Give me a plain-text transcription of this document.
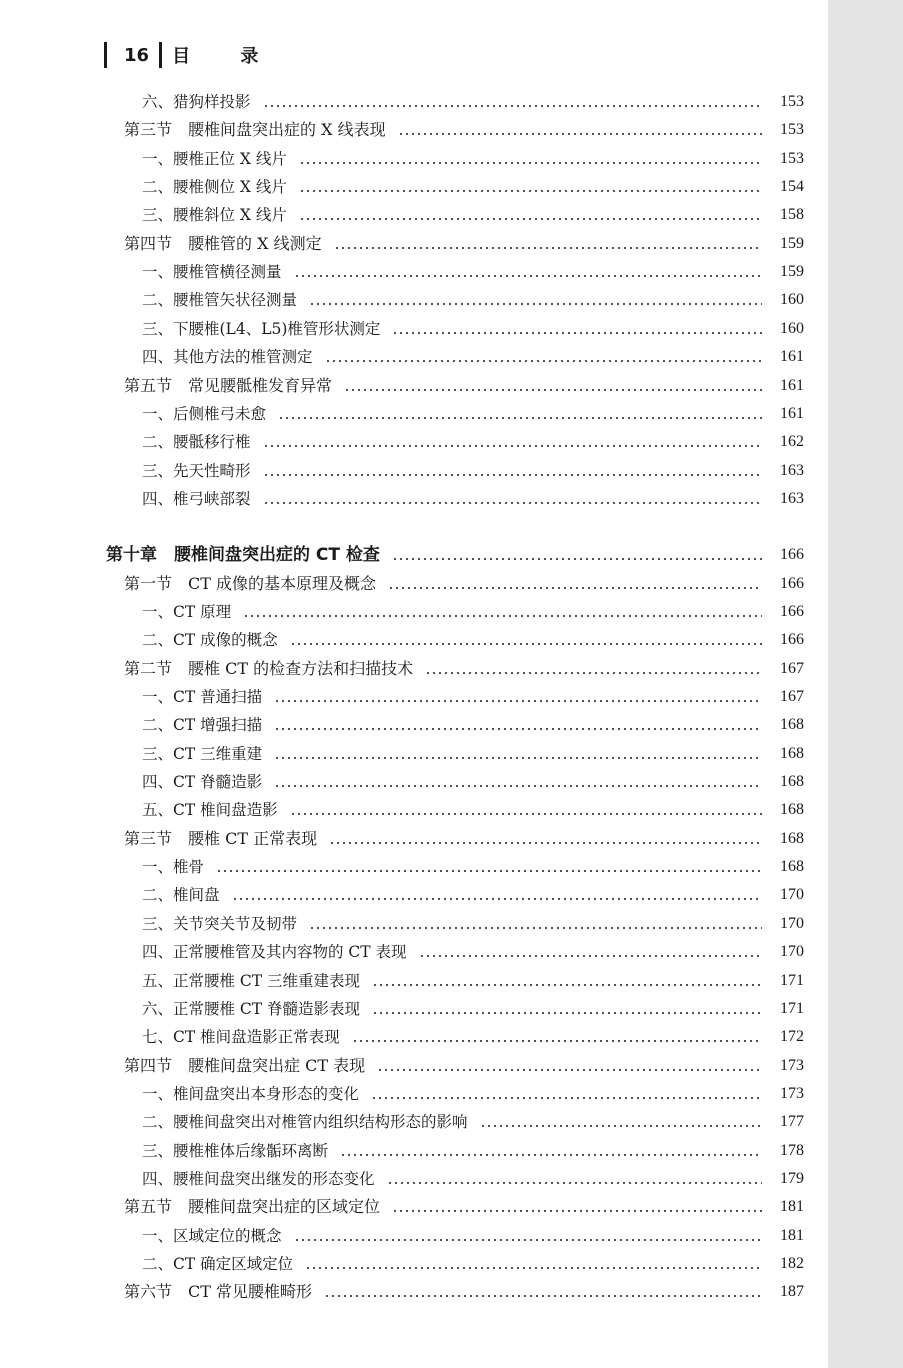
16 目 录
六、猎狗样投影	153
第三节　腰椎间盘突出症的 X 线表现	153
一、腰椎正位 X 线片	153
二、腰椎侧位 X 线片	154
三、腰椎斜位 X 线片	158
第四节　腰椎管的 X 线测定	159
一、腰椎管横径测量	159
二、腰椎管矢状径测量	160
三、下腰椎(L4、L5)椎管形状测定	160
四、其他方法的椎管测定	161
第五节　常见腰骶椎发育异常	161
一、后侧椎弓未愈	161
二、腰骶移行椎	162
三、先天性畸形	163
四、椎弓峡部裂	163
第十章　腰椎间盘突出症的 CT 检查	166
第一节　CT 成像的基本原理及概念	166
一、CT 原理	166
二、CT 成像的概念	166
第二节　腰椎 CT 的检查方法和扫描技术	167
一、CT 普通扫描	167
二、CT 增强扫描	168
三、CT 三维重建	168
四、CT 脊髓造影	168
五、CT 椎间盘造影	168
第三节　腰椎 CT 正常表现	168
一、椎骨	168
二、椎间盘	170
三、关节突关节及韧带	170
四、正常腰椎管及其内容物的 CT 表现	170
五、正常腰椎 CT 三维重建表现	171
六、正常腰椎 CT 脊髓造影表现	171
七、CT 椎间盘造影正常表现	172
第四节　腰椎间盘突出症 CT 表现	173
一、椎间盘突出本身形态的变化	173
二、腰椎间盘突出对椎管内组织结构形态的影响	177
三、腰椎椎体后缘骺环离断	178
四、腰椎间盘突出继发的形态变化	179
第五节　腰椎间盘突出症的区域定位	181
一、区域定位的概念	181
二、CT 确定区域定位	182
第六节　CT 常见腰椎畸形	187
